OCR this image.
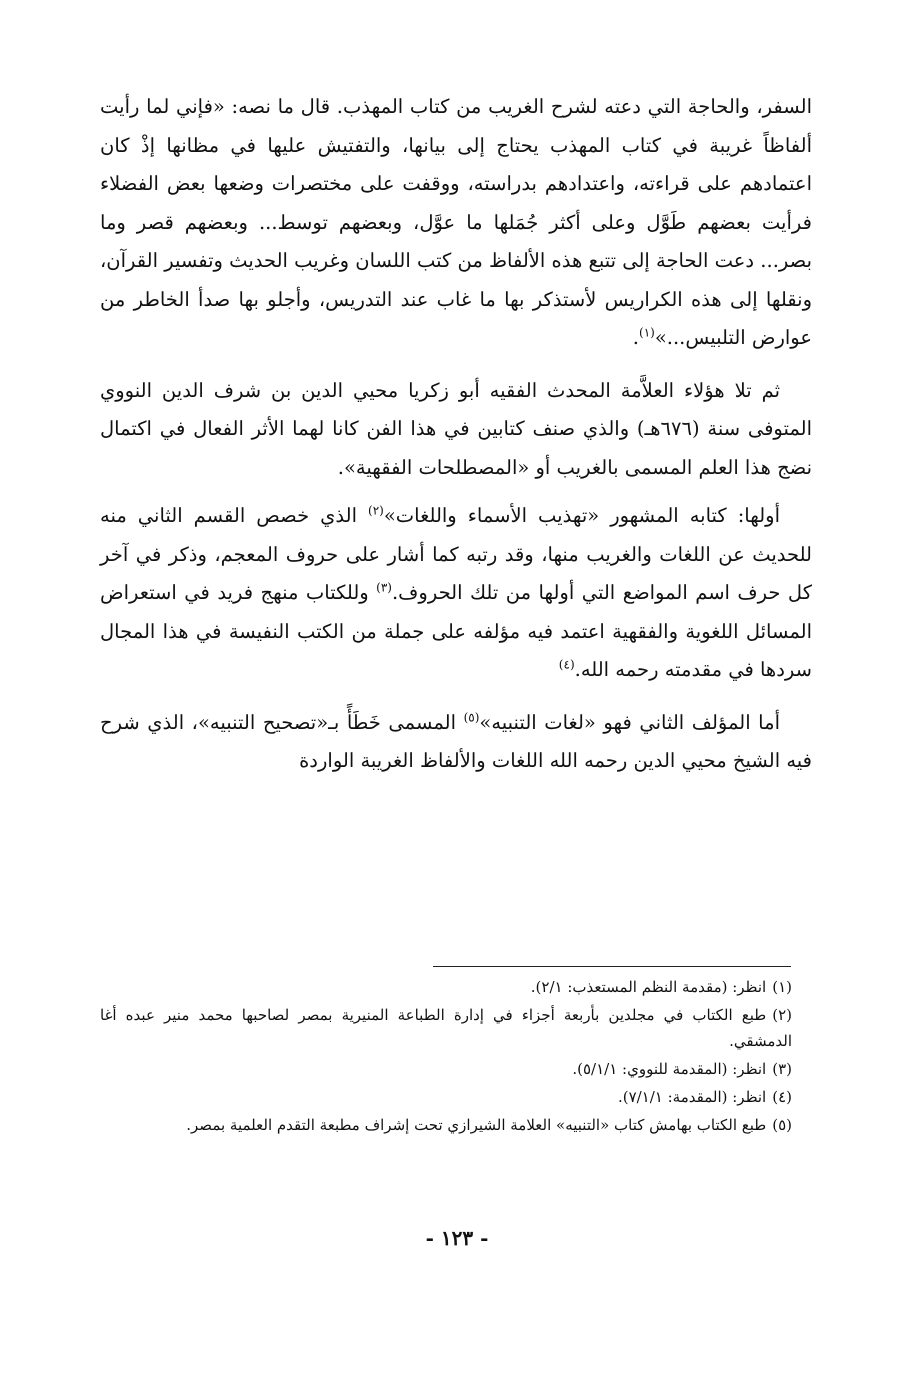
السفر، والحاجة التي دعته لشرح الغريب من كتاب المهذب. قال ما نصه: «فإني لما رأيت ألفاظاً غريبة في كتاب المهذب يحتاج إلى بيانها، والتفتيش عليها في مظانها إذْ كان اعتمادهم على قراءته، واعتدادهم بدراسته، ووقفت على مختصرات وضعها بعض الفضلاء فرأيت بعضهم طَوَّل وعلى أكثر جُمَلها ما عوَّل، وبعضهم توسط... وبعضهم قصر وما بصر... دعت الحاجة إلى تتبع هذه الألفاظ من كتب اللسان وغريب الحديث وتفسير القرآن، ونقلها إلى هذه الكراريس لأستذكر بها ما غاب عند التدريس، وأجلو بها صدأ الخاطر من عوارض التلبيس...»$^{(١)}$.

ثم تلا هؤلاء العلاَّمة المحدث الفقيه أبو زكريا محيي الدين بن شرف الدين النووي المتوفى سنة (٦٧٦هـ) والذي صنف كتابين في هذا الفن كانا لهما الأثر الفعال في اكتمال نضج هذا العلم المسمى بالغريب أو «المصطلحات الفقهية».

أولها: كتابه المشهور «تهذيب الأسماء واللغات»$^{(٢)}$ الذي خصص القسم الثاني منه للحديث عن اللغات والغريب منها، وقد رتبه كما أشار على حروف المعجم، وذكر في آخر كل حرف اسم المواضع التي أولها من تلك الحروف.$^{(٣)}$ وللكتاب منهج فريد في استعراض المسائل اللغوية والفقهية اعتمد فيه مؤلفه على جملة من الكتب النفيسة في هذا المجال سردها في مقدمته رحمه الله.$^{(٤)}$

أما المؤلف الثاني فهو «لغات التنبيه»$^{(٥)}$ المسمى خَطَأً بـ«تصحيح التنبيه»، الذي شرح فيه الشيخ محيي الدين رحمه الله اللغات والألفاظ الغريبة الواردة

(١)انظر: (مقدمة النظم المستعذب: ٢/١).

(٢)طبع الكتاب في مجلدين بأربعة أجزاء في إدارة الطباعة المنيرية بمصر لصاحبها محمد منير عبده أغا الدمشقي.

(٣)انظر: (المقدمة للنووي: ٥/١/١).

(٤)انظر: (المقدمة: ٧/١/١).

(٥)طبع الكتاب بهامش كتاب «التنبيه» العلامة الشيرازي تحت إشراف مطبعة التقدم العلمية بمصر.

- ١٢٣ -
